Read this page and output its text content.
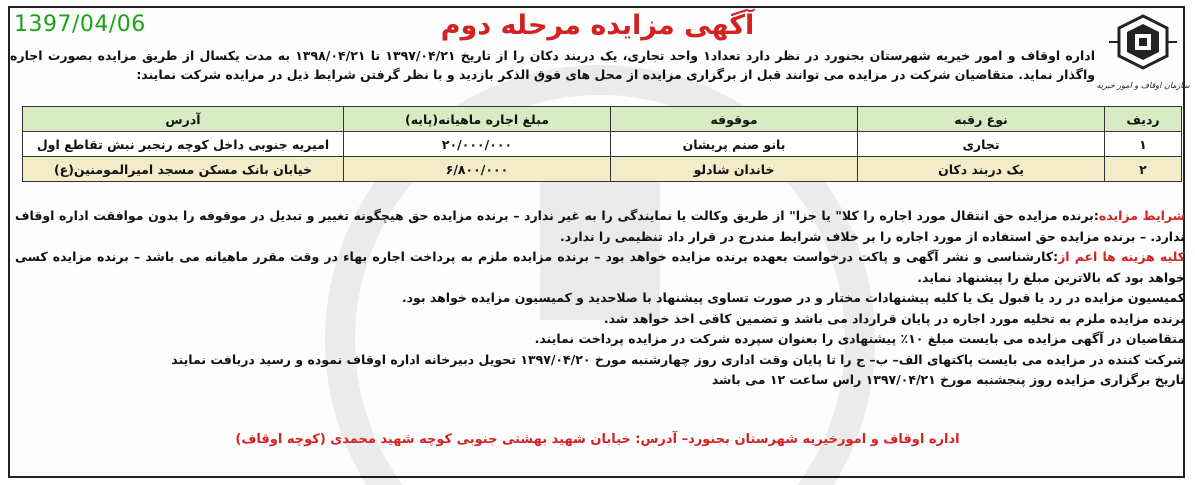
1397/04/06
سازمان اوقاف و امور خیریه
آگهی مزایده مرحله دوم
اداره اوقاف و امور خیریه شهرستان بجنورد در نظر دارد تعداد۱ واحد تجاری، یک دربند دکان را از تاریخ ۱۳۹۷/۰۴/۲۱ تا ۱۳۹۸/۰۴/۲۱ به مدت یکسال از طریق مزایده بصورت اجاره واگذار نماید. متقاضیان شرکت در مزایده می توانند قبل از برگزاری مزایده از محل های فوق الذکر بازدید و با نظر گرفتن شرایط ذیل در مزایده شرکت نمایند:
ردیف	نوع رقبه	موقوفه	مبلغ اجاره ماهیانه(پایه)	آدرس
۱	تجاری	بانو صنم پریشان	۲۰/۰۰۰/۰۰۰	امیریه جنوبی داخل کوچه رنجبر نبش تقاطع اول
۲	یک دربند دکان	خاندان شادلو	۶/۸۰۰/۰۰۰	خیابان بانک مسکن مسجد امیرالمومنین(ع)

شرایط مزایده:برنده مزایده حق انتقال مورد اجاره را کلا" یا جزا" از طریق وکالت یا نمایندگی را به غیر ندارد – برنده مزایده حق هیچگونه تغییر و تبدیل در موقوفه را بدون موافقت اداره اوقاف ندارد. – برنده مزایده حق استفاده از مورد اجاره را بر خلاف شرایط مندرج در قرار داد تنظیمی را ندارد.

کلیه هزینه ها اعم از:کارشناسی و نشر آگهی و پاکت درخواست بعهده برنده مزایده خواهد بود – برنده مزایده ملزم به پرداخت اجاره بهاء در وقت مقرر ماهیانه می باشد – برنده مزایده کسی خواهد بود که بالاترین مبلغ را پیشنهاد نماید.

کمیسیون مزایده در رد یا قبول یک یا کلیه پیشنهادات مختار و در صورت تساوی پیشنهاد با صلاحدید و کمیسیون مزایده خواهد بود.

برنده مزایده ملزم به تخلیه مورد اجاره در پایان قرارداد می باشد و تضمین کافی اخذ خواهد شد.

متقاضیان در آگهی مزایده می بایست مبلغ ۱۰٪ پیشنهادی را بعنوان سپرده شرکت در مزایده پرداخت نمایند.

شرکت کننده در مزایده می بایست پاکتهای الف– ب– ج را تا پایان وقت اداری روز چهارشنبه مورخ ۱۳۹۷/۰۴/۲۰ تحویل دبیرخانه اداره اوقاف نموده و رسید دریافت نمایند

تاریخ برگزاری مزایده روز پنجشنبه مورخ ۱۳۹۷/۰۴/۲۱ راس ساعت ۱۲ می باشد

اداره اوقاف و امورخیریه شهرستان بجنورد– آدرس: خیابان شهید بهشتی جنوبی کوچه شهید محمدی (کوچه اوقاف)
